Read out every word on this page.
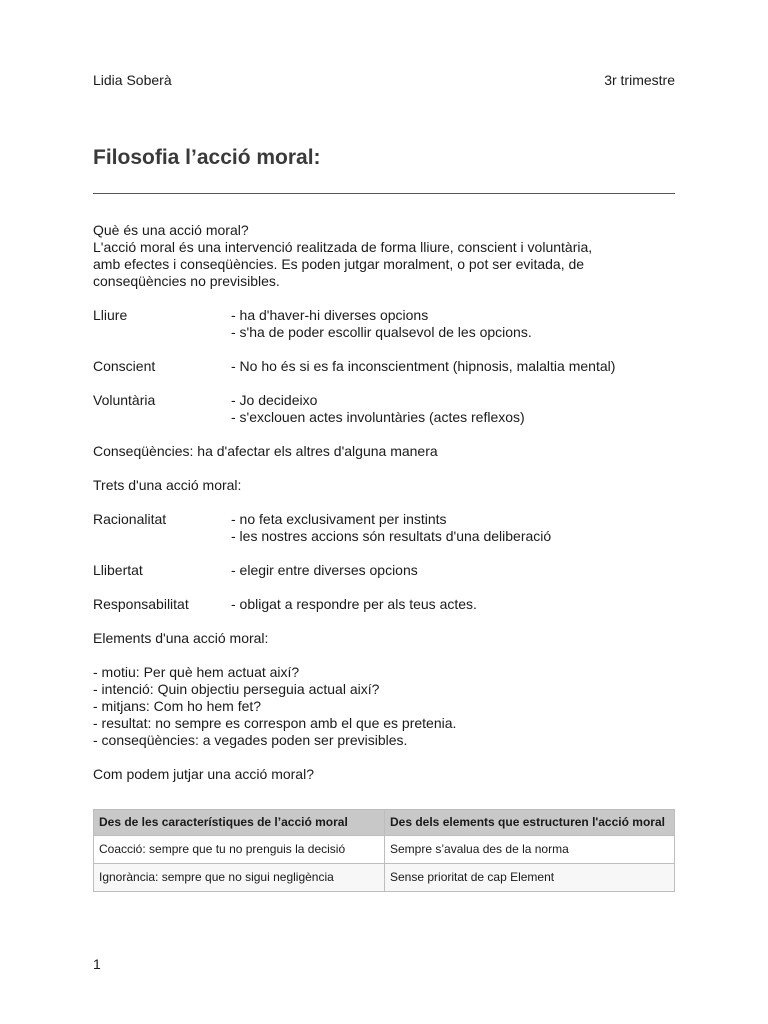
Lidia Soberà	3r trimestre
Filosofia l’acció moral:

Què és una acció moral?

L'acció moral és una intervenció realitzada de forma lliure, conscient i voluntària,

amb efectes i conseqüències. Es poden jutgar moralment, o pot ser evitada, de

conseqüències no previsibles.

Lliure	- ha d'haver-hi diverses opcions

- s'ha de poder escollir qualsevol de les opcions.

Conscient	- No ho és si es fa inconscientment (hipnosis, malaltia mental)

Voluntària	- Jo decideixo

- s'exclouen actes involuntàries (actes reflexos)

Conseqüències: ha d'afectar els altres d'alguna manera

Trets d'una acció moral:

Racionalitat	- no feta exclusivament per instints

- les nostres accions són resultats d'una deliberació

Llibertat	- elegir entre diverses opcions

Responsabilitat	- obligat a respondre per als teus actes.

Elements d'una acció moral:

- motiu: Per què hem actuat així?

- intenció: Quin objectiu perseguia actual així?

- mitjans: Com ho hem fet?

- resultat: no sempre es correspon amb el que es pretenia.

- conseqüències: a vegades poden ser previsibles.

Com podem jutjar una acció moral?

Des de les característiques de l’acció moral	Des dels elements que estructuren l'acció moral
Coacció: sempre que tu no prenguis la decisió	Sempre s’avalua des de la norma
Ignorància: sempre que no sigui negligència	Sense prioritat de cap Element
1
